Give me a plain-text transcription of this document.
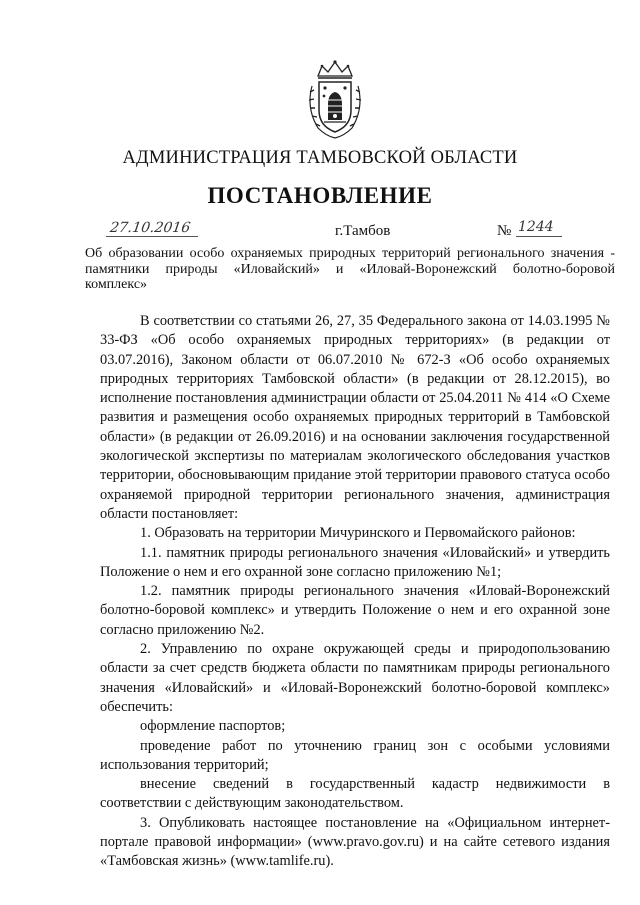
АДМИНИСТРАЦИЯ ТАМБОВСКОЙ ОБЛАСТИ
ПОСТАНОВЛЕНИЕ
27.10.2016	г.Тамбов	№ 1244
Об образовании особо охраняемых природных территорий регионального значения - памятники природы «Иловайский» и «Иловай-Воронежский болотно-боровой комплекс»

В соответствии со статьями 26, 27, 35 Федерального закона от 14.03.1995 № 33-ФЗ «Об особо охраняемых природных территориях» (в редакции от 03.07.2016), Законом области от 06.07.2010 № 672-З «Об особо охраняемых природных территориях Тамбовской области» (в редакции от 28.12.2015), во исполнение постановления администрации области от 25.04.2011 № 414 «О Схеме развития и размещения особо охраняемых природных территорий в Тамбовской области» (в редакции от 26.09.2016) и на основании заключения государственной экологической экспертизы по материалам экологического обследования участков территории, обосновывающим придание этой территории правового статуса особо охраняемой природной территории регионального значения, администрация области постановляет:

1. Образовать на территории Мичуринского и Первомайского районов:

1.1. памятник природы регионального значения «Иловайский» и утвердить Положение о нем и его охранной зоне согласно приложению №1;

1.2. памятник природы регионального значения «Иловай-Воронежский болотно-боровой комплекс» и утвердить Положение о нем и его охранной зоне согласно приложению №2.

2. Управлению по охране окружающей среды и природопользованию области за счет средств бюджета области по памятникам природы регионального значения «Иловайский» и «Иловай-Воронежский болотно-боровой комплекс» обеспечить:

оформление паспортов;

проведение работ по уточнению границ зон с особыми условиями использования территорий;

внесение сведений в государственный кадастр недвижимости в соответствии с действующим законодательством.

3. Опубликовать настоящее постановление на «Официальном интернет-портале правовой информации» (www.pravo.gov.ru) и на сайте сетевого издания «Тамбовская жизнь» (www.tamlife.ru).
